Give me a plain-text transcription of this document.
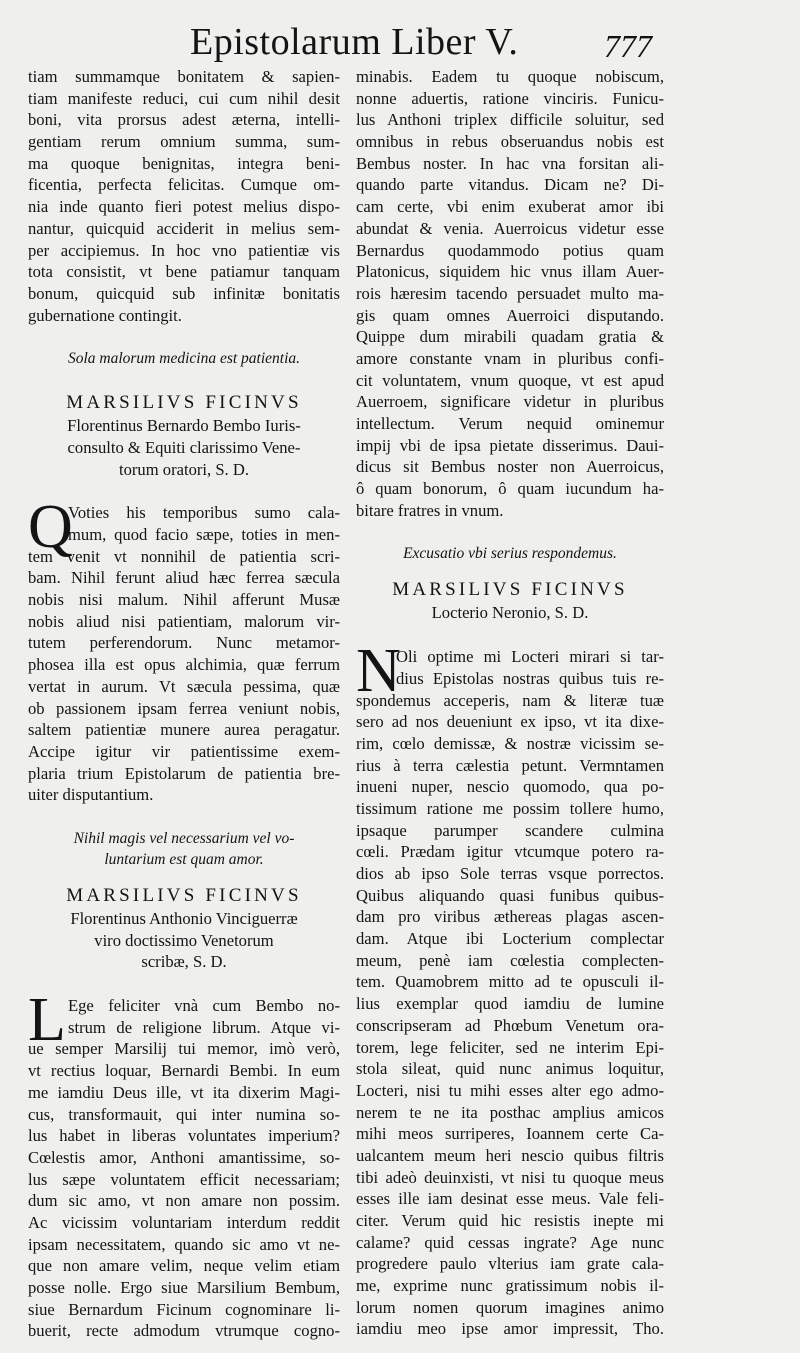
Epistolarum Liber V.	777
tiam summamque bonitatem & sapien-
tiam manifeste reduci, cui cum nihil desit
boni, vita prorsus adest æterna, intelli-
gentiam rerum omnium summa, sum-
ma quoque benignitas, integra beni-
ficentia, perfecta felicitas. Cumque om-
nia inde quanto fieri potest melius dispo-
nantur, quicquid acciderit in melius sem-
per accipiemus. In hoc vno patientiæ vis
tota consistit, vt bene patiamur tanquam
bonum, quicquid sub infinitæ bonitatis
gubernatione contingit.
Sola malorum medicina est patientia.
MARSILIVS FICINVS
Florentinus Bernardo Bembo Iuris-
consulto & Equiti clarissimo Vene-
torum oratori, S. D.
Q
Voties his temporibus sumo cala-
mum, quod facio sæpe, toties in men-
tem venit vt nonnihil de patientia scri-
bam. Nihil ferunt aliud hæc ferrea sæcula
nobis nisi malum. Nihil afferunt Musæ
nobis aliud nisi patientiam, malorum vir-
tutem perferendorum. Nunc metamor-
phosea illa est opus alchimia, quæ ferrum
vertat in aurum. Vt sæcula pessima, quæ
ob passionem ipsam ferrea veniunt nobis,
saltem patientiæ munere aurea peragatur.
Accipe igitur vir patientissime exem-
plaria trium Epistolarum de patientia bre-
uiter disputantium.
Nihil magis vel necessarium vel vo-
luntarium est quam amor.
MARSILIVS FICINVS
Florentinus Anthonio Vinciguerræ
viro doctissimo Venetorum
scribæ, S. D.
L Ege feliciter vnà cum Bembo no-
strum de religione librum. Atque vi-
ue semper Marsilij tui memor, imò verò,
vt rectius loquar, Bernardi Bembi. In eum
me iamdiu Deus ille, vt ita dixerim Magi-
cus, transformauit, qui inter numina so-
lus habet in liberas voluntates imperium?
Cœlestis amor, Anthoni amantissime, so-
lus sæpe voluntatem efficit necessariam;
dum sic amo, vt non amare non possim.
Ac vicissim voluntariam interdum reddit
ipsam necessitatem, quando sic amo vt ne-
que non amare velim, neque velim etiam
posse nolle. Ergo siue Marsilium Bembum,
siue Bernardum Ficinum cognominare li-
buerit, recte admodum vtrumque cogno-
minabis. Eadem tu quoque nobiscum,
nonne aduertis, ratione vinciris. Funicu-
lus Anthoni triplex difficile soluitur, sed
omnibus in rebus obseruandus nobis est
Bembus noster. In hac vna forsitan ali-
quando parte vitandus. Dicam ne? Di-
cam certe, vbi enim exuberat amor ibi
abundat & venia. Auerroicus videtur esse
Bernardus quodammodo potius quam
Platonicus, siquidem hic vnus illam Auer-
rois hæresim tacendo persuadet multo ma-
gis quam omnes Auerroici disputando.
Quippe dum mirabili quadam gratia &
amore constante vnam in pluribus confi-
cit voluntatem, vnum quoque, vt est apud
Auerroem, significare videtur in pluribus
intellectum. Verum nequid ominemur
impij vbi de ipsa pietate disserimus. Daui-
dicus sit Bembus noster non Auerroicus,
ô quam bonorum, ô quam iucundum ha-
bitare fratres in vnum.
Excusatio vbi serius respondemus.
MARSILIVS FICINVS
Locterio Neronio, S. D.
N
Oli optime mi Locteri mirari si tar-
dius Epistolas nostras quibus tuis re-
spondemus acceperis, nam & literæ tuæ
sero ad nos deueniunt ex ipso, vt ita dixe-
rim, cœlo demissæ, & nostræ vicissim se-
rius à terra cælestia petunt. Vermntamen
inueni nuper, nescio quomodo, qua po-
tissimum ratione me possim tollere humo,
ipsaque parumper scandere culmina
cœli. Prædam igitur vtcumque potero ra-
dios ab ipso Sole terras vsque porrectos.
Quibus aliquando quasi funibus quibus-
dam pro viribus æthereas plagas ascen-
dam. Atque ibi Locterium complectar
meum, penè iam cœlestia complecten-
tem. Quamobrem mitto ad te opusculi il-
lius exemplar quod iamdiu de lumine
conscripseram ad Phœbum Venetum ora-
torem, lege feliciter, sed ne interim Epi-
stola sileat, quid nunc animus loquitur,
Locteri, nisi tu mihi esses alter ego admo-
nerem te ne ita posthac amplius amicos
mihi meos surriperes, Ioannem certe Ca-
ualcantem meum heri nescio quibus filtris
tibi adeò deuinxisti, vt nisi tu quoque meus
esses ille iam desinat esse meus. Vale feli-
citer. Verum quid hic resistis inepte mi
calame? quid cessas ingrate? Age nunc
progredere paulo vlterius iam grate cala-
me, exprime nunc gratissimum nobis il-
lorum nomen quorum imagines animo
iamdiu meo ipse amor impressit, Tho.
